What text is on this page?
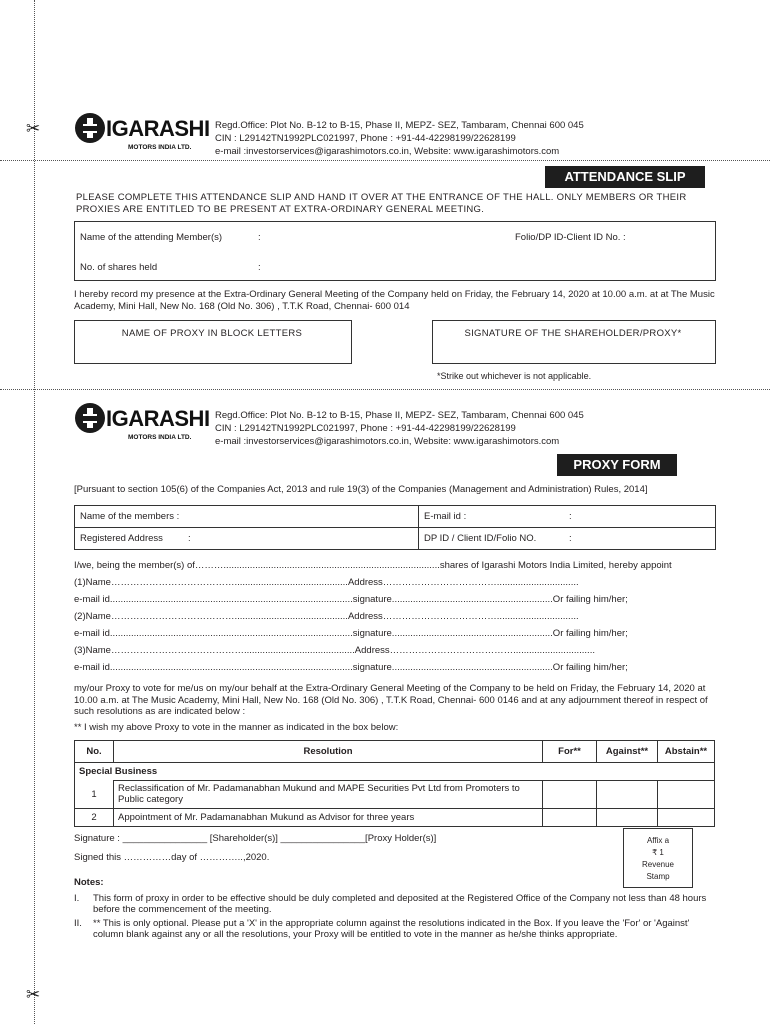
✂
✂
IGARASHI
MOTORS INDIA LTD.
Regd.Office: Plot No. B-12 to B-15, Phase II, MEPZ- SEZ, Tambaram, Chennai 600 045
CIN : L29142TN1992PLC021997, Phone : +91-44-42298199/22628199
e-mail :investorservices@igarashimotors.co.in, Website: www.igarashimotors.com
ATTENDANCE SLIP
PLEASE COMPLETE THIS ATTENDANCE SLIP AND HAND IT OVER AT THE ENTRANCE OF THE HALL. ONLY MEMBERS OR THEIR PROXIES ARE ENTITLED TO BE PRESENT AT EXTRA-ORDINARY GENERAL MEETING.
Name of the attending Member(s)	:	Folio/DP ID-Client ID No. :
No. of shares held	:
I hereby record my presence at the Extra-Ordinary General Meeting of the Company held on Friday, the February 14, 2020 at 10.00 a.m. at at The Music Academy, Mini Hall, New No. 168 (Old No. 306) , T.T.K Road, Chennai- 600 014
NAME OF PROXY IN BLOCK LETTERS	SIGNATURE OF THE SHAREHOLDER/PROXY*
*Strike out whichever is not applicable.
IGARASHI
MOTORS INDIA LTD.
Regd.Office: Plot No. B-12 to B-15, Phase II, MEPZ- SEZ, Tambaram, Chennai 600 045
CIN : L29142TN1992PLC021997, Phone : +91-44-42298199/22628199
e-mail :investorservices@igarashimotors.co.in, Website: www.igarashimotors.com
PROXY FORM
[Pursuant to section 105(6) of the Companies Act, 2013 and rule 19(3) of the Companies (Management and Administration) Rules, 2014]
Name of the members :	E-mail id :	:
Registered Address	:	DP ID / Client ID/Folio NO.	:
I/we, being the member(s) of………..................................................................................shares of Igarashi Motors India Limited, hereby appoint
(1)Name…………………………………...........................................Address………………………………...............................
e-mail id............................................................................................signature.............................................................Or failing him/her;
(2)Name…………………………………...........................................Address………………………………...............................
e-mail id............................................................................................signature.............................................................Or failing him/her;
(3)Name……………………………………..........................................Address…………………………………...............................
e-mail id............................................................................................signature.............................................................Or failing him/her;
my/our Proxy to vote for me/us on my/our behalf at the Extra-Ordinary General Meeting of the Company to be held on Friday, the February 14, 2020 at 10.00 a.m. at The Music Academy, Mini Hall, New No. 168 (Old No. 306) , T.T.K Road, Chennai- 600 0146 and at any adjournment thereof in respect of such resolutions as are indicated below :
** I wish my above Proxy to vote in the manner as indicated in the box below:
No.	Resolution	For**	Against**	Abstain**
Special Business				
1	Reclassification of Mr. Padamanabhan Mukund and MAPE Securities Pvt Ltd from Promoters to Public category			
2	Appointment of Mr. Padamanabhan Mukund as Advisor for three years			
Signature : ________________ [Shareholder(s)] ________________[Proxy Holder(s)]
Signed this ……………day of …………..,2020.
Affix a
₹ 1
Revenue
Stamp
Notes:
I. This form of proxy in order to be effective should be duly completed and deposited at the Registered Office of the Company not less than 48 hours before the commencement of the meeting.
II. ** This is only optional. Please put a 'X' in the appropriate column against the resolutions indicated in the Box. If you leave the 'For' or 'Against' column blank against any or all the resolutions, your Proxy will be entitled to vote in the manner as he/she thinks appropriate.
